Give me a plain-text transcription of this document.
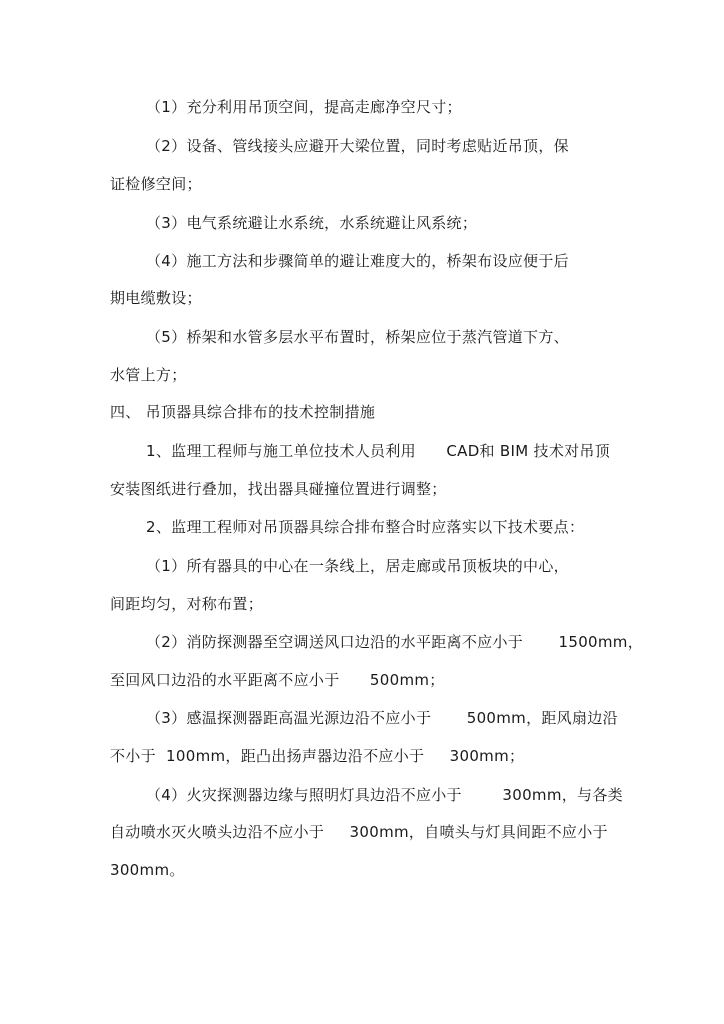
（1）充分利用吊顶空间，提高走廊净空尺寸；
（2）设备、管线接头应避开大梁位置，同时考虑贴近吊顶，保
证检修空间；
（3）电气系统避让水系统，水系统避让风系统；
（4）施工方法和步骤简单的避让难度大的，桥架布设应便于后
期电缆敷设；
（5）桥架和水管多层水平布置时，桥架应位于蒸汽管道下方、
水管上方；
四、 吊顶器具综合排布的技术控制措施
1、监理工程师与施工单位技术人员利用      CAD和 BIM 技术对吊顶
安装图纸进行叠加，找出器具碰撞位置进行调整；
2、监理工程师对吊顶器具综合排布整合时应落实以下技术要点：
（1）所有器具的中心在一条线上，居走廊或吊顶板块的中心，
间距均匀，对称布置；
（2）消防探测器至空调送风口边沿的水平距离不应小于       1500mm，
至回风口边沿的水平距离不应小于      500mm；
（3）感温探测器距高温光源边沿不应小于       500mm，距风扇边沿
不小于  100mm，距凸出扬声器边沿不应小于     300mm；
（4）火灾探测器边缘与照明灯具边沿不应小于        300mm，与各类
自动喷水灭火喷头边沿不应小于     300mm，自喷头与灯具间距不应小于
300mm。
